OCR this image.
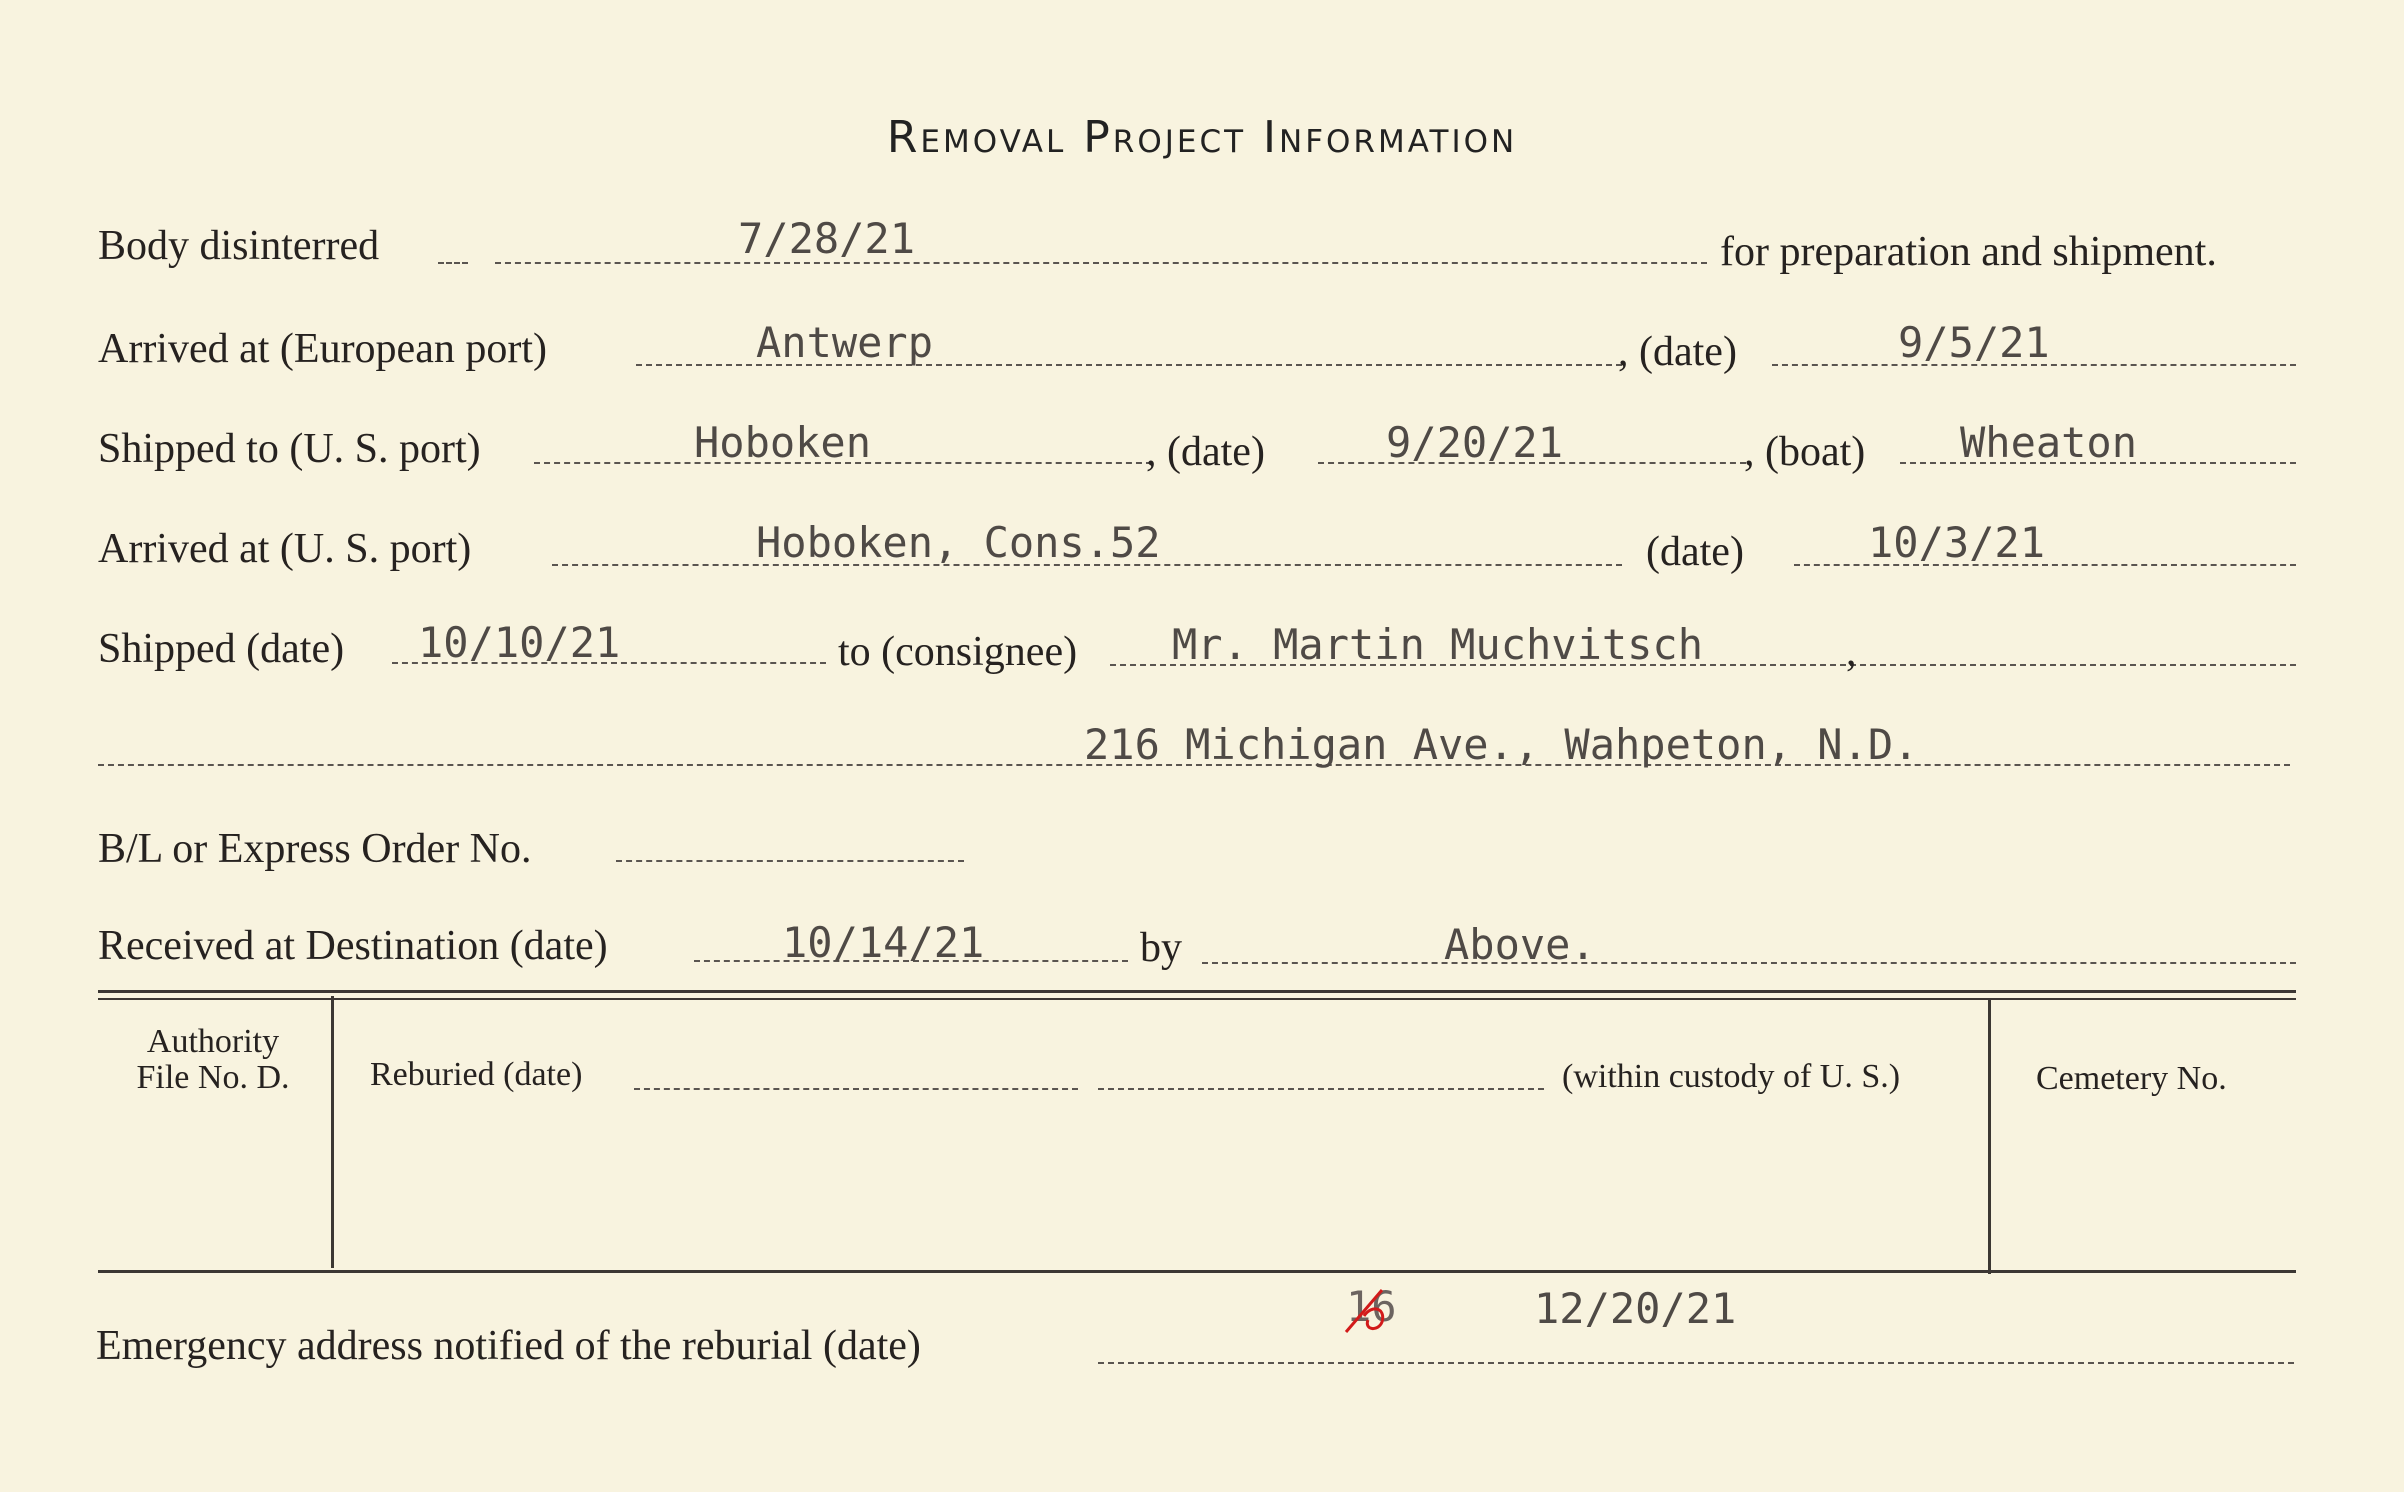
Removal Project Information
Body disinterred	7/28/21	for preparation and shipment.
Arrived at (European port)	Antwerp	, (date)	9/5/21
Shipped to (U. S. port)	Hoboken	, (date)	9/20/21	, (boat) Wheaton
Arrived at (U. S. port)	Hoboken, Cons.52	(date)	10/3/21
Shipped (date) 10/10/21	to (consignee) Mr. Martin Muchvitsch	,
216 Michigan Ave., Wahpeton, N.D.
B/L or Express Order No.
Received at Destination (date)	10/14/21	by	Above.
Authority
File No. D.	Reburied (date)	(within custody of U. S.)	Cemetery No.
Emergency address notified of the reburial (date)
16	12/20/21
